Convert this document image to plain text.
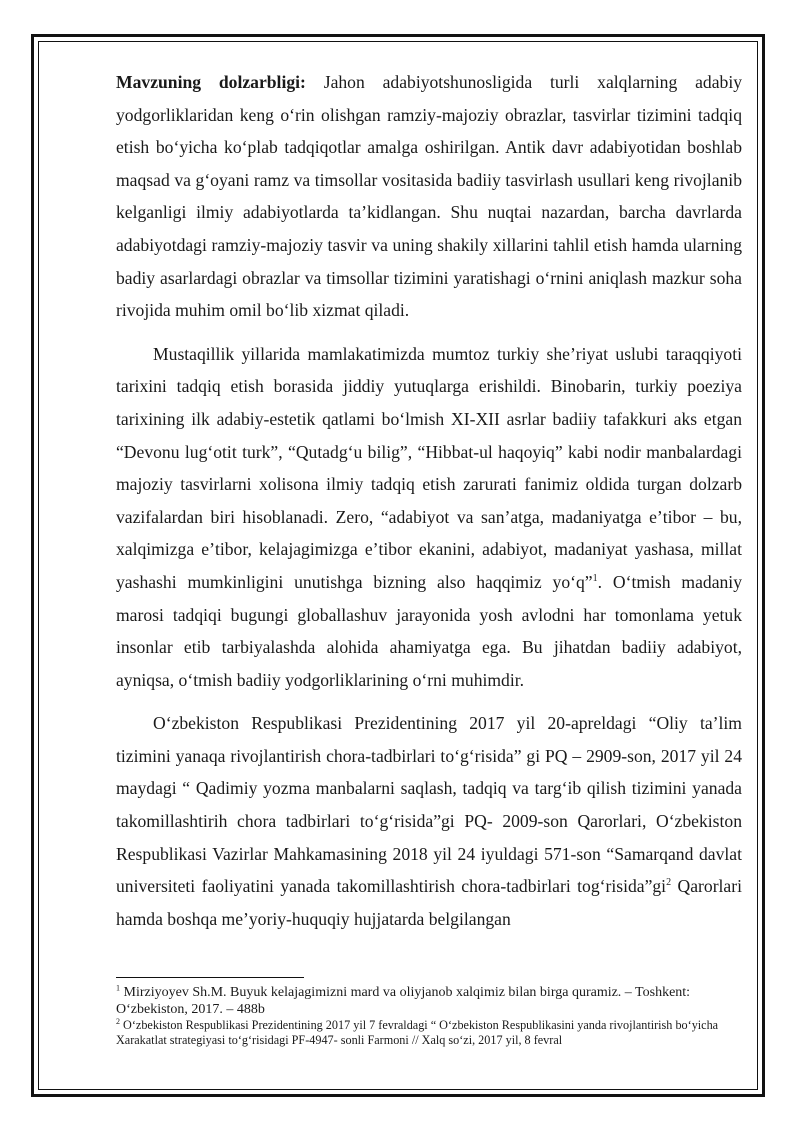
Mavzuning dolzarbligi: Jahon adabiyotshunosligida turli xalqlarning adabiy yodgorliklaridan keng oʻrin olishgan ramziy-majoziy obrazlar, tasvirlar tizimini tadqiq etish boʻyicha koʻplab tadqiqotlar amalga oshirilgan. Antik davr adabiyotidan boshlab maqsad va gʻoyani ramz va timsollar vositasida badiiy tasvirlash usullari keng rivojlanib kelganligi ilmiy adabiyotlarda taʼkidlangan. Shu nuqtai nazardan, barcha davrlarda adabiyotdagi ramziy-majoziy tasvir va uning shakily xillarini tahlil etish hamda ularning badiy asarlardagi obrazlar va timsollar tizimini yaratishagi oʻrnini aniqlash mazkur soha rivojida muhim omil boʻlib xizmat qiladi.

Mustaqillik yillarida mamlakatimizda mumtoz turkiy sheʼriyat uslubi taraqqiyoti tarixini tadqiq etish borasida jiddiy yutuqlarga erishildi. Binobarin, turkiy poeziya tarixining ilk adabiy-estetik qatlami boʻlmish XI-XII asrlar badiiy tafakkuri aks etgan “Devonu lugʻotit turk”, “Qutadgʻu bilig”, “Hibbat-ul haqoyiq” kabi nodir manbalardagi majoziy tasvirlarni xolisona ilmiy tadqiq etish zarurati fanimiz oldida turgan dolzarb vazifalardan biri hisoblanadi. Zero, “adabiyot va sanʼatga, madaniyatga eʼtibor – bu, xalqimizga eʼtibor, kelajagimizga eʼtibor ekanini, adabiyot, madaniyat yashasa, millat yashashi mumkinligini unutishga bizning also haqqimiz yoʻq”$^1$. Oʻtmish madaniy marosi tadqiqi bugungi globallashuv jarayonida yosh avlodni har tomonlama yetuk insonlar etib tarbiyalashda alohida ahamiyatga ega. Bu jihatdan badiiy adabiyot, ayniqsa, oʻtmish badiiy yodgorliklarining oʻrni muhimdir.

Oʻzbekiston Respublikasi Prezidentining 2017 yil 20-apreldagi “Oliy taʼlim tizimini yanaqa rivojlantirish chora-tadbirlari toʻgʻrisida” gi PQ – 2909-son, 2017 yil 24 maydagi “ Qadimiy yozma manbalarni saqlash, tadqiq va targʻib qilish tizimini yanada takomillashtirih chora tadbirlari toʻgʻrisida”gi PQ- 2009-son Qarorlari, Oʻzbekiston Respublikasi Vazirlar Mahkamasining 2018 yil 24 iyuldagi 571-son “Samarqand davlat universiteti faoliyatini yanada takomillashtirish chora-tadbirlari $togʻrisida”gi^2$ Qarorlari hamda boshqa meʼyoriy-huquqiy hujjatarda belgilangan

$^1$ Mirziyoyev Sh.M. Buyuk kelajagimizni mard va oliyjanob xalqimiz bilan birga quramiz. – Toshkent: Oʻzbekiston, 2017. – 488b

$^2$ Oʻzbekiston Respublikasi Prezidentining 2017 yil 7 fevraldagi “ Oʻzbekiston Respublikasini yanda rivojlantirish boʻyicha Xarakatlat strategiyasi toʻgʻrisidagi PF-4947- sonli Farmoni // Xalq soʻzi, 2017 yil, 8 fevral
